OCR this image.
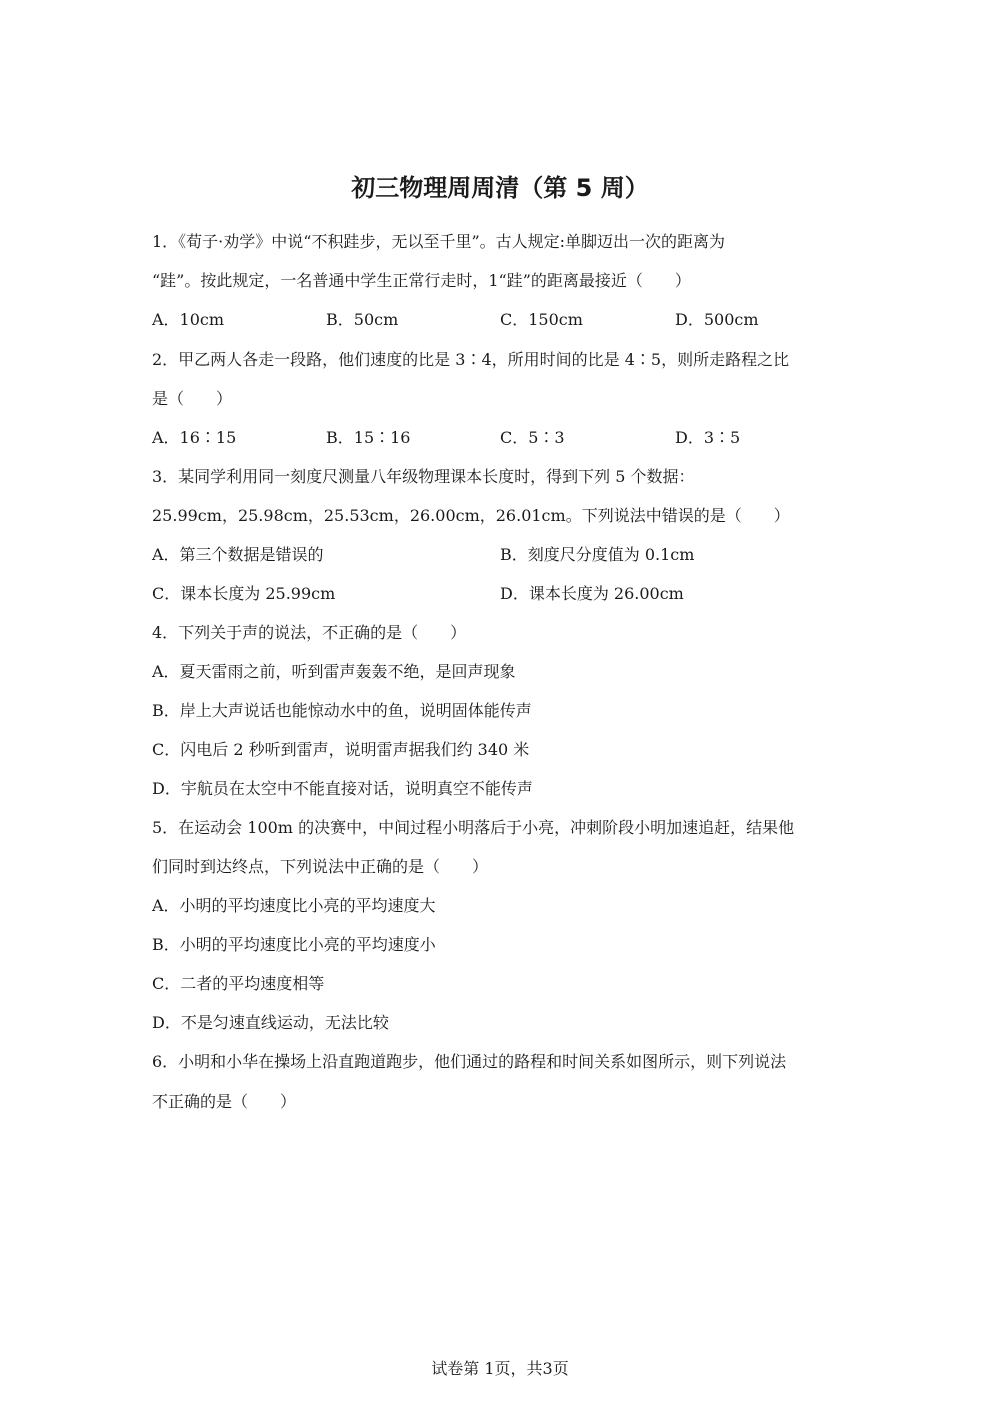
初三物理周周清（第 5 周）
1．《荀子·劝学》中说“不积跬步，无以至千里”。古人规定:单脚迈出一次的距离为
“跬”。按此规定，一名普通中学生正常行走时，1“跬”的距离最接近（　　）
A．10cm	B．50cm	C．150cm	D．500cm
2．甲乙两人各走一段路，他们速度的比是 3∶4，所用时间的比是 4∶5，则所走路程之比
是（　　）
A．16∶15	B．15∶16	C．5∶3	D．3∶5
3．某同学利用同一刻度尺测量八年级物理课本长度时，得到下列 5 个数据：
25.99cm，25.98cm，25.53cm，26.00cm，26.01cm。下列说法中错误的是（　　）
A．第三个数据是错误的	B．刻度尺分度值为 0.1cm
C．课本长度为 25.99cm	D．课本长度为 26.00cm
4．下列关于声的说法，不正确的是（　　）
A．夏天雷雨之前，听到雷声轰轰不绝，是回声现象
B．岸上大声说话也能惊动水中的鱼，说明固体能传声
C．闪电后 2 秒听到雷声，说明雷声据我们约 340 米
D．宇航员在太空中不能直接对话，说明真空不能传声
5．在运动会 100m 的决赛中，中间过程小明落后于小亮，冲刺阶段小明加速追赶，结果他
们同时到达终点，下列说法中正确的是（　　）
A．小明的平均速度比小亮的平均速度大
B．小明的平均速度比小亮的平均速度小
C．二者的平均速度相等
D．不是匀速直线运动，无法比较
6．小明和小华在操场上沿直跑道跑步，他们通过的路程和时间关系如图所示，则下列说法
不正确的是（　　）
试卷第 1页，共3页
